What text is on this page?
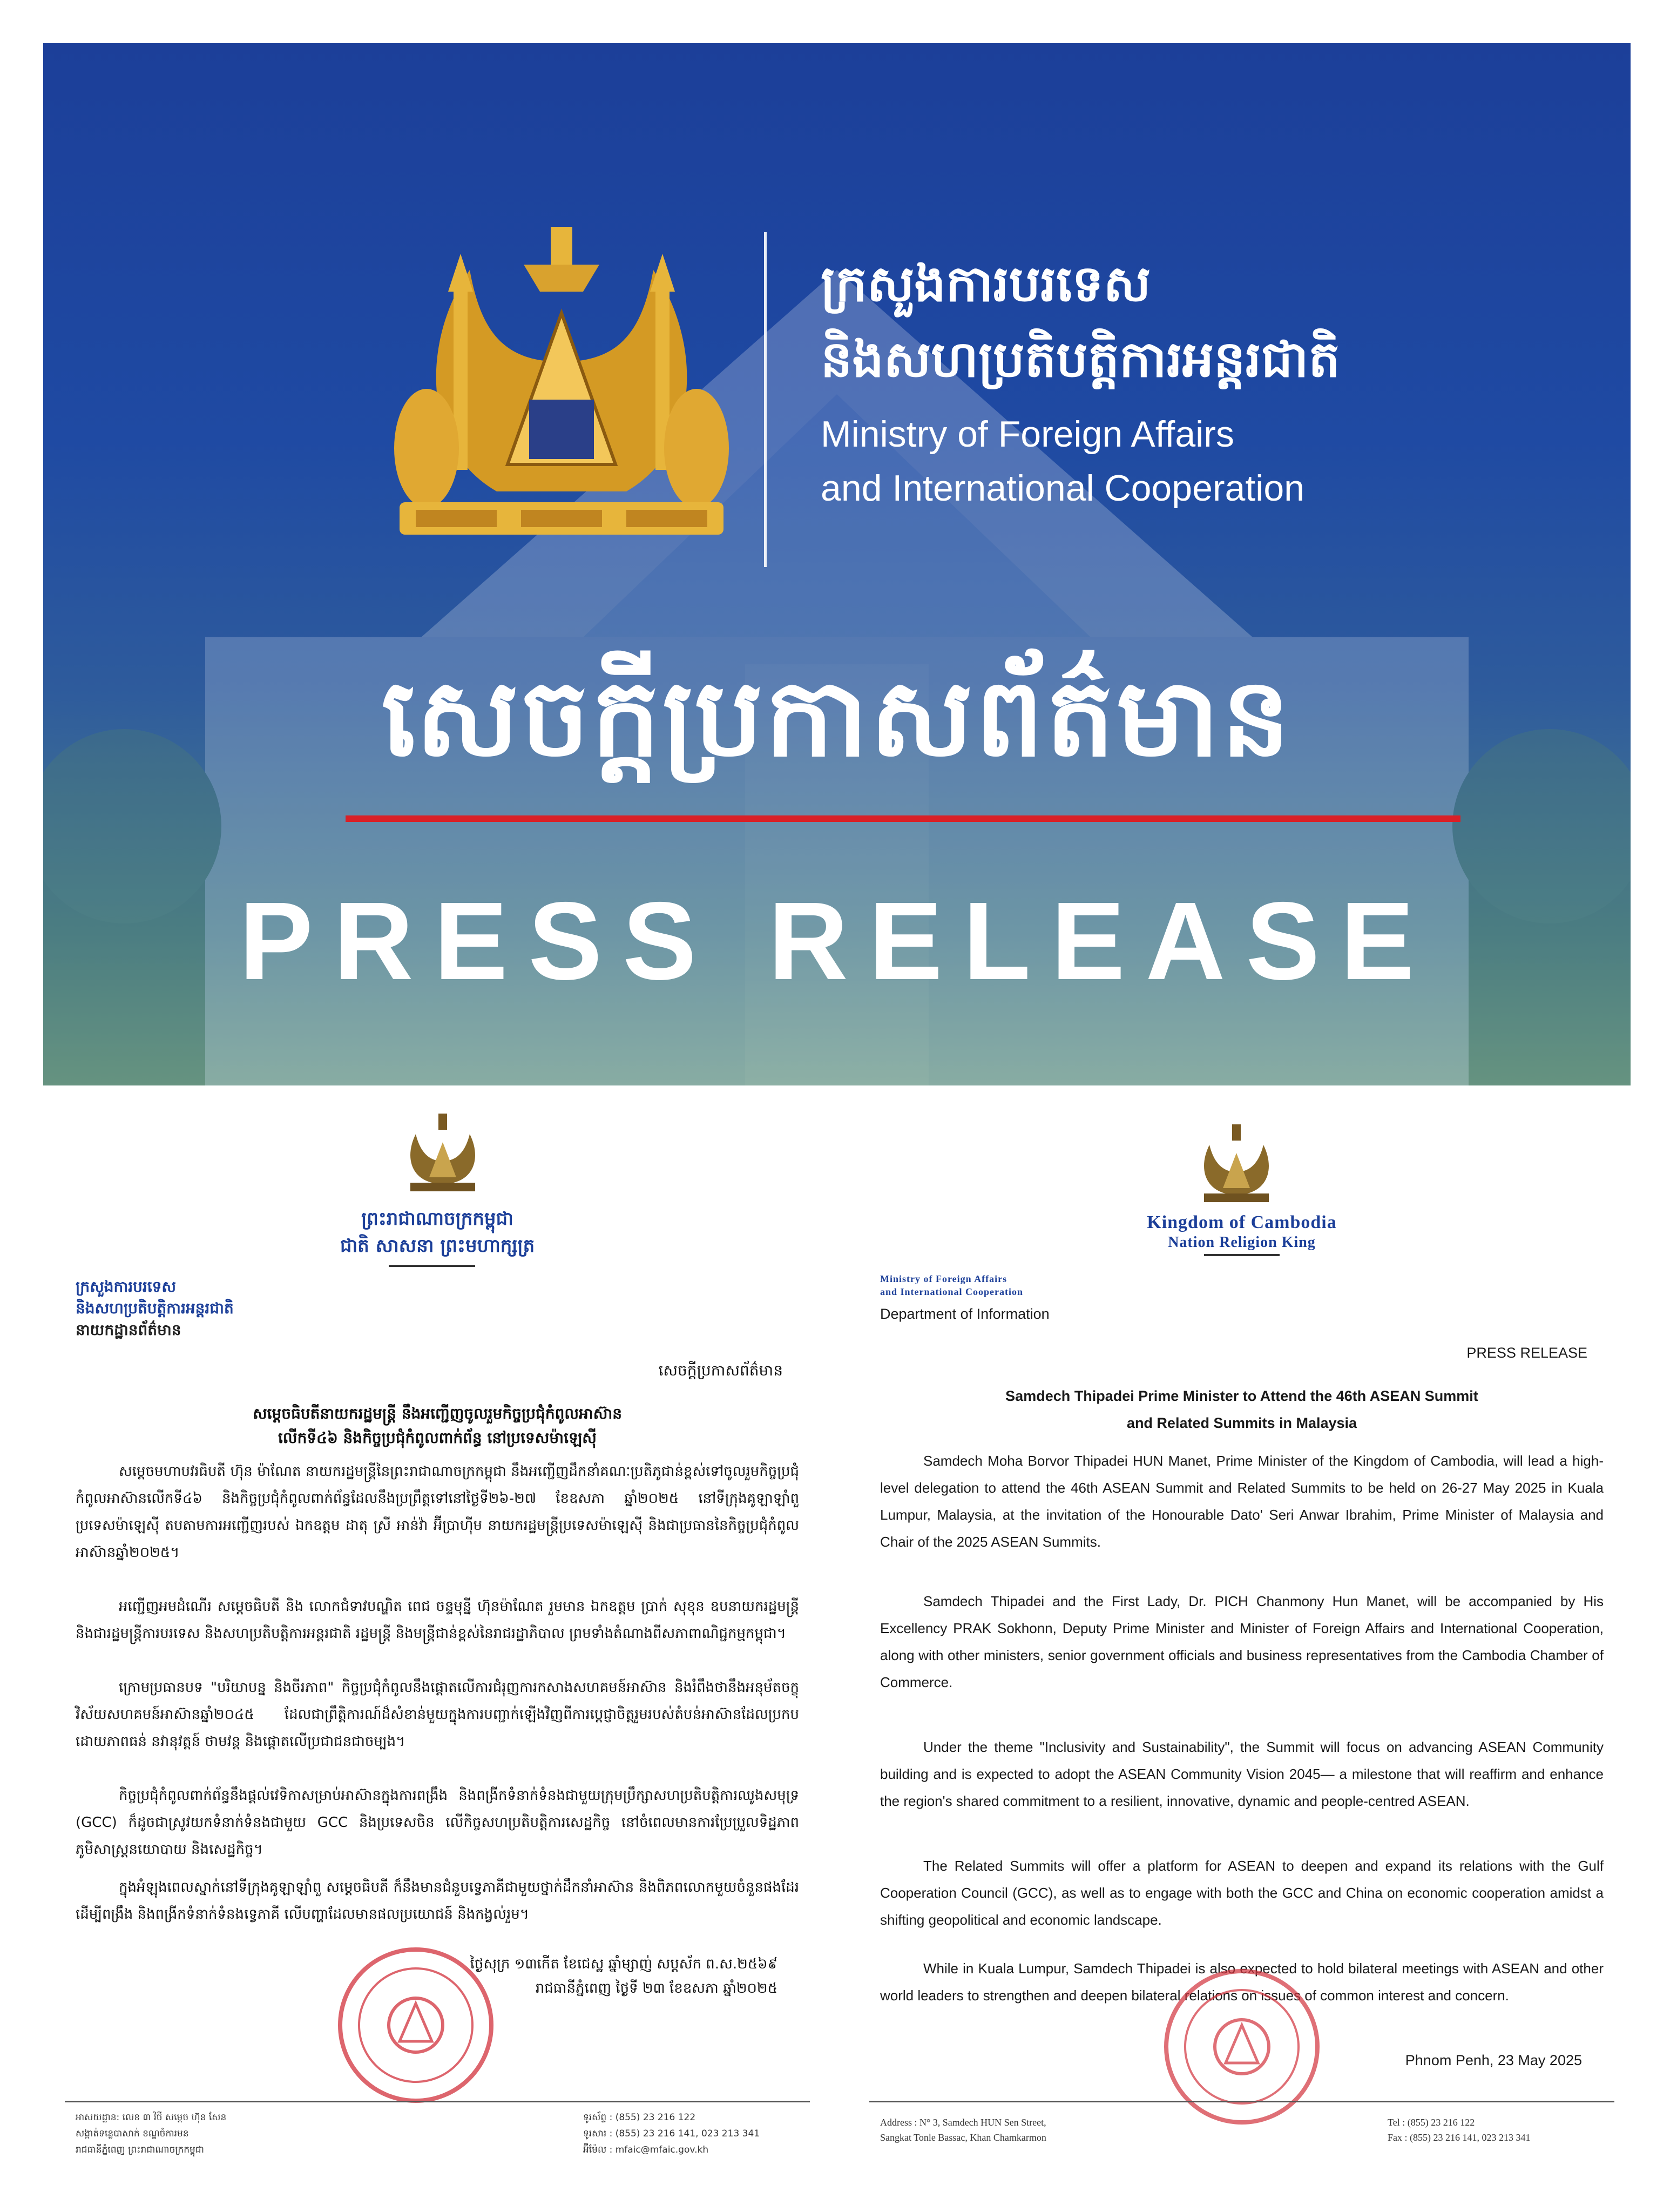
ក្រសួងការបរទេស
និងសហប្រតិបត្តិការអន្តរជាតិ
Ministry of Foreign Affairs
and International Cooperation
សេចក្តីប្រកាសព័ត៌មាន
PRESS RELEASE
ព្រះរាជាណាចក្រកម្ពុជា
ជាតិ សាសនា ព្រះមហាក្សត្រ
ក្រសួងការបរទេស
និងសហប្រតិបត្តិការអន្តរជាតិ
នាយកដ្ឋានព័ត៌មាន
សេចក្តីប្រកាសព័ត៌មាន
សម្តេចធិបតីនាយករដ្ឋមន្ត្រី នឹងអញ្ជើញចូលរួមកិច្ចប្រជុំកំពូលអាស៊ាន
លើកទី៤៦ និងកិច្ចប្រជុំកំពូលពាក់ព័ន្ធ នៅប្រទេសម៉ាឡេស៊ី
សម្តេចមហាបវរធិបតី ហ៊ុន ម៉ាណែត នាយករដ្ឋមន្ត្រីនៃព្រះរាជាណាចក្រកម្ពុជា នឹងអញ្ជើញដឹកនាំគណៈប្រតិភូជាន់ខ្ពស់ទៅចូលរួមកិច្ចប្រជុំកំពូលអាស៊ានលើកទី៤៦ និងកិច្ចប្រជុំកំពូលពាក់ព័ន្ធដែលនឹងប្រព្រឹត្តទៅនៅថ្ងៃទី២៦-២៧ ខែឧសភា ឆ្នាំ២០២៥ នៅទីក្រុងគូឡាឡាំពួ ប្រទេសម៉ាឡេស៊ី តបតាមការអញ្ជើញរបស់ ឯកឧត្តម ដាតុ ស្រី អាន់វ៉ា អ៊ីប្រាហ៊ីម នាយករដ្ឋមន្ត្រីប្រទេសម៉ាឡេស៊ី និងជាប្រធាននៃកិច្ចប្រជុំកំពូលអាស៊ានឆ្នាំ២០២៥។
អញ្ជើញអមដំណើរ សម្តេចធិបតី និង លោកជំទាវបណ្ឌិត ពេជ ចន្ទមុន្នី ហ៊ុនម៉ាណែត រួមមាន ឯកឧត្តម ប្រាក់ សុខុន ឧបនាយករដ្ឋមន្ត្រី និងជារដ្ឋមន្ត្រីការបរទេស និងសហប្រតិបត្តិការអន្តរជាតិ រដ្ឋមន្ត្រី និងមន្ត្រីជាន់ខ្ពស់នៃរាជរដ្ឋាភិបាល ព្រមទាំងតំណាងពីសភាពាណិជ្ជកម្មកម្ពុជា។
ក្រោមប្រធានបទ "បរិយាបន្ន និងចីរភាព" កិច្ចប្រជុំកំពូលនឹងផ្តោតលើការជំរុញការកសាងសហគមន៍អាស៊ាន និងរំពឹងថានឹងអនុម័តចក្ខុវិស័យសហគមន៍អាស៊ានឆ្នាំ២០៤៥ ដែលជាព្រឹត្តិការណ៍ដ៏សំខាន់មួយក្នុងការបញ្ជាក់ឡើងវិញពីការប្តេជ្ញាចិត្តរួមរបស់តំបន់អាស៊ានដែលប្រកបដោយភាពធន់ នវានុវត្តន៍ ថាមវន្ត និងផ្តោតលើប្រជាជនជាចម្បង។
កិច្ចប្រជុំកំពូលពាក់ព័ន្ធនឹងផ្តល់វេទិកាសម្រាប់អាស៊ានក្នុងការពង្រឹង និងពង្រីកទំនាក់ទំនងជាមួយក្រុមប្រឹក្សាសហប្រតិបត្តិការឈូងសមុទ្រ (GCC) ក៏ដូចជាស្រូវយកទំនាក់ទំនងជាមួយ GCC និងប្រទេសចិន លើកិច្ចសហប្រតិបត្តិការសេដ្ឋកិច្ច នៅចំពេលមានការប្រែប្រួលទិដ្ឋភាពភូមិសាស្ត្រនយោបាយ និងសេដ្ឋកិច្ច។
ក្នុងអំឡុងពេលស្នាក់នៅទីក្រុងគូឡាឡាំពួ សម្តេចធិបតី ក៏នឹងមានជំនួបទ្វេភាគីជាមួយថ្នាក់ដឹកនាំអាស៊ាន និងពិភពលោកមួយចំនួនផងដែរ ដើម្បីពង្រឹង និងពង្រីកទំនាក់ទំនងទ្វេភាគី លើបញ្ហាដែលមានផលប្រយោជន៍ និងកង្វល់រួម។
ថ្ងៃសុក្រ ១៣កើត ខែជេស្ឋ ឆ្នាំម្សាញ់ សប្តស័ក ព.ស.២៥៦៩
រាជធានីភ្នំពេញ ថ្ងៃទី ២៣ ខែឧសភា ឆ្នាំ២០២៥
អាសយដ្ឋាន: លេខ ៣ វិថី សម្តេច ហ៊ុន សែន
សង្កាត់ទន្លេបាសាក់ ខណ្ឌចំការមន
រាជធានីភ្នំពេញ ព្រះរាជាណាចក្រកម្ពុជា
ទូរស័ព្ទ : (855) 23 216 122
ទូរសារ : (855) 23 216 141, 023 213 341
អ៊ីម៉ែល : mfaic@mfaic.gov.kh
Kingdom of Cambodia
Nation Religion King
Ministry of Foreign Affairs
and International Cooperation
Department of Information
PRESS RELEASE
Samdech Thipadei Prime Minister to Attend the 46th ASEAN Summit
and Related Summits in Malaysia
Samdech Moha Borvor Thipadei HUN Manet, Prime Minister of the Kingdom of Cambodia, will lead a high-level delegation to attend the 46th ASEAN Summit and Related Summits to be held on 26-27 May 2025 in Kuala Lumpur, Malaysia, at the invitation of the Honourable Dato' Seri Anwar Ibrahim, Prime Minister of Malaysia and Chair of the 2025 ASEAN Summits.
Samdech Thipadei and the First Lady, Dr. PICH Chanmony Hun Manet, will be accompanied by His Excellency PRAK Sokhonn, Deputy Prime Minister and Minister of Foreign Affairs and International Cooperation, along with other ministers, senior government officials and business representatives from the Cambodia Chamber of Commerce.
Under the theme "Inclusivity and Sustainability", the Summit will focus on advancing ASEAN Community building and is expected to adopt the ASEAN Community Vision 2045— a milestone that will reaffirm and enhance the region's shared commitment to a resilient, innovative, dynamic and people-centred ASEAN.
The Related Summits will offer a platform for ASEAN to deepen and expand its relations with the Gulf Cooperation Council (GCC), as well as to engage with both the GCC and China on economic cooperation amidst a shifting geopolitical and economic landscape.
While in Kuala Lumpur, Samdech Thipadei is also expected to hold bilateral meetings with ASEAN and other world leaders to strengthen and deepen bilateral relations on issues of common interest and concern.
Phnom Penh, 23 May 2025
Address : N° 3, Samdech HUN Sen Street,
Sangkat Tonle Bassac, Khan Chamkarmon
Tel : (855) 23 216 122
Fax : (855) 23 216 141, 023 213 341
